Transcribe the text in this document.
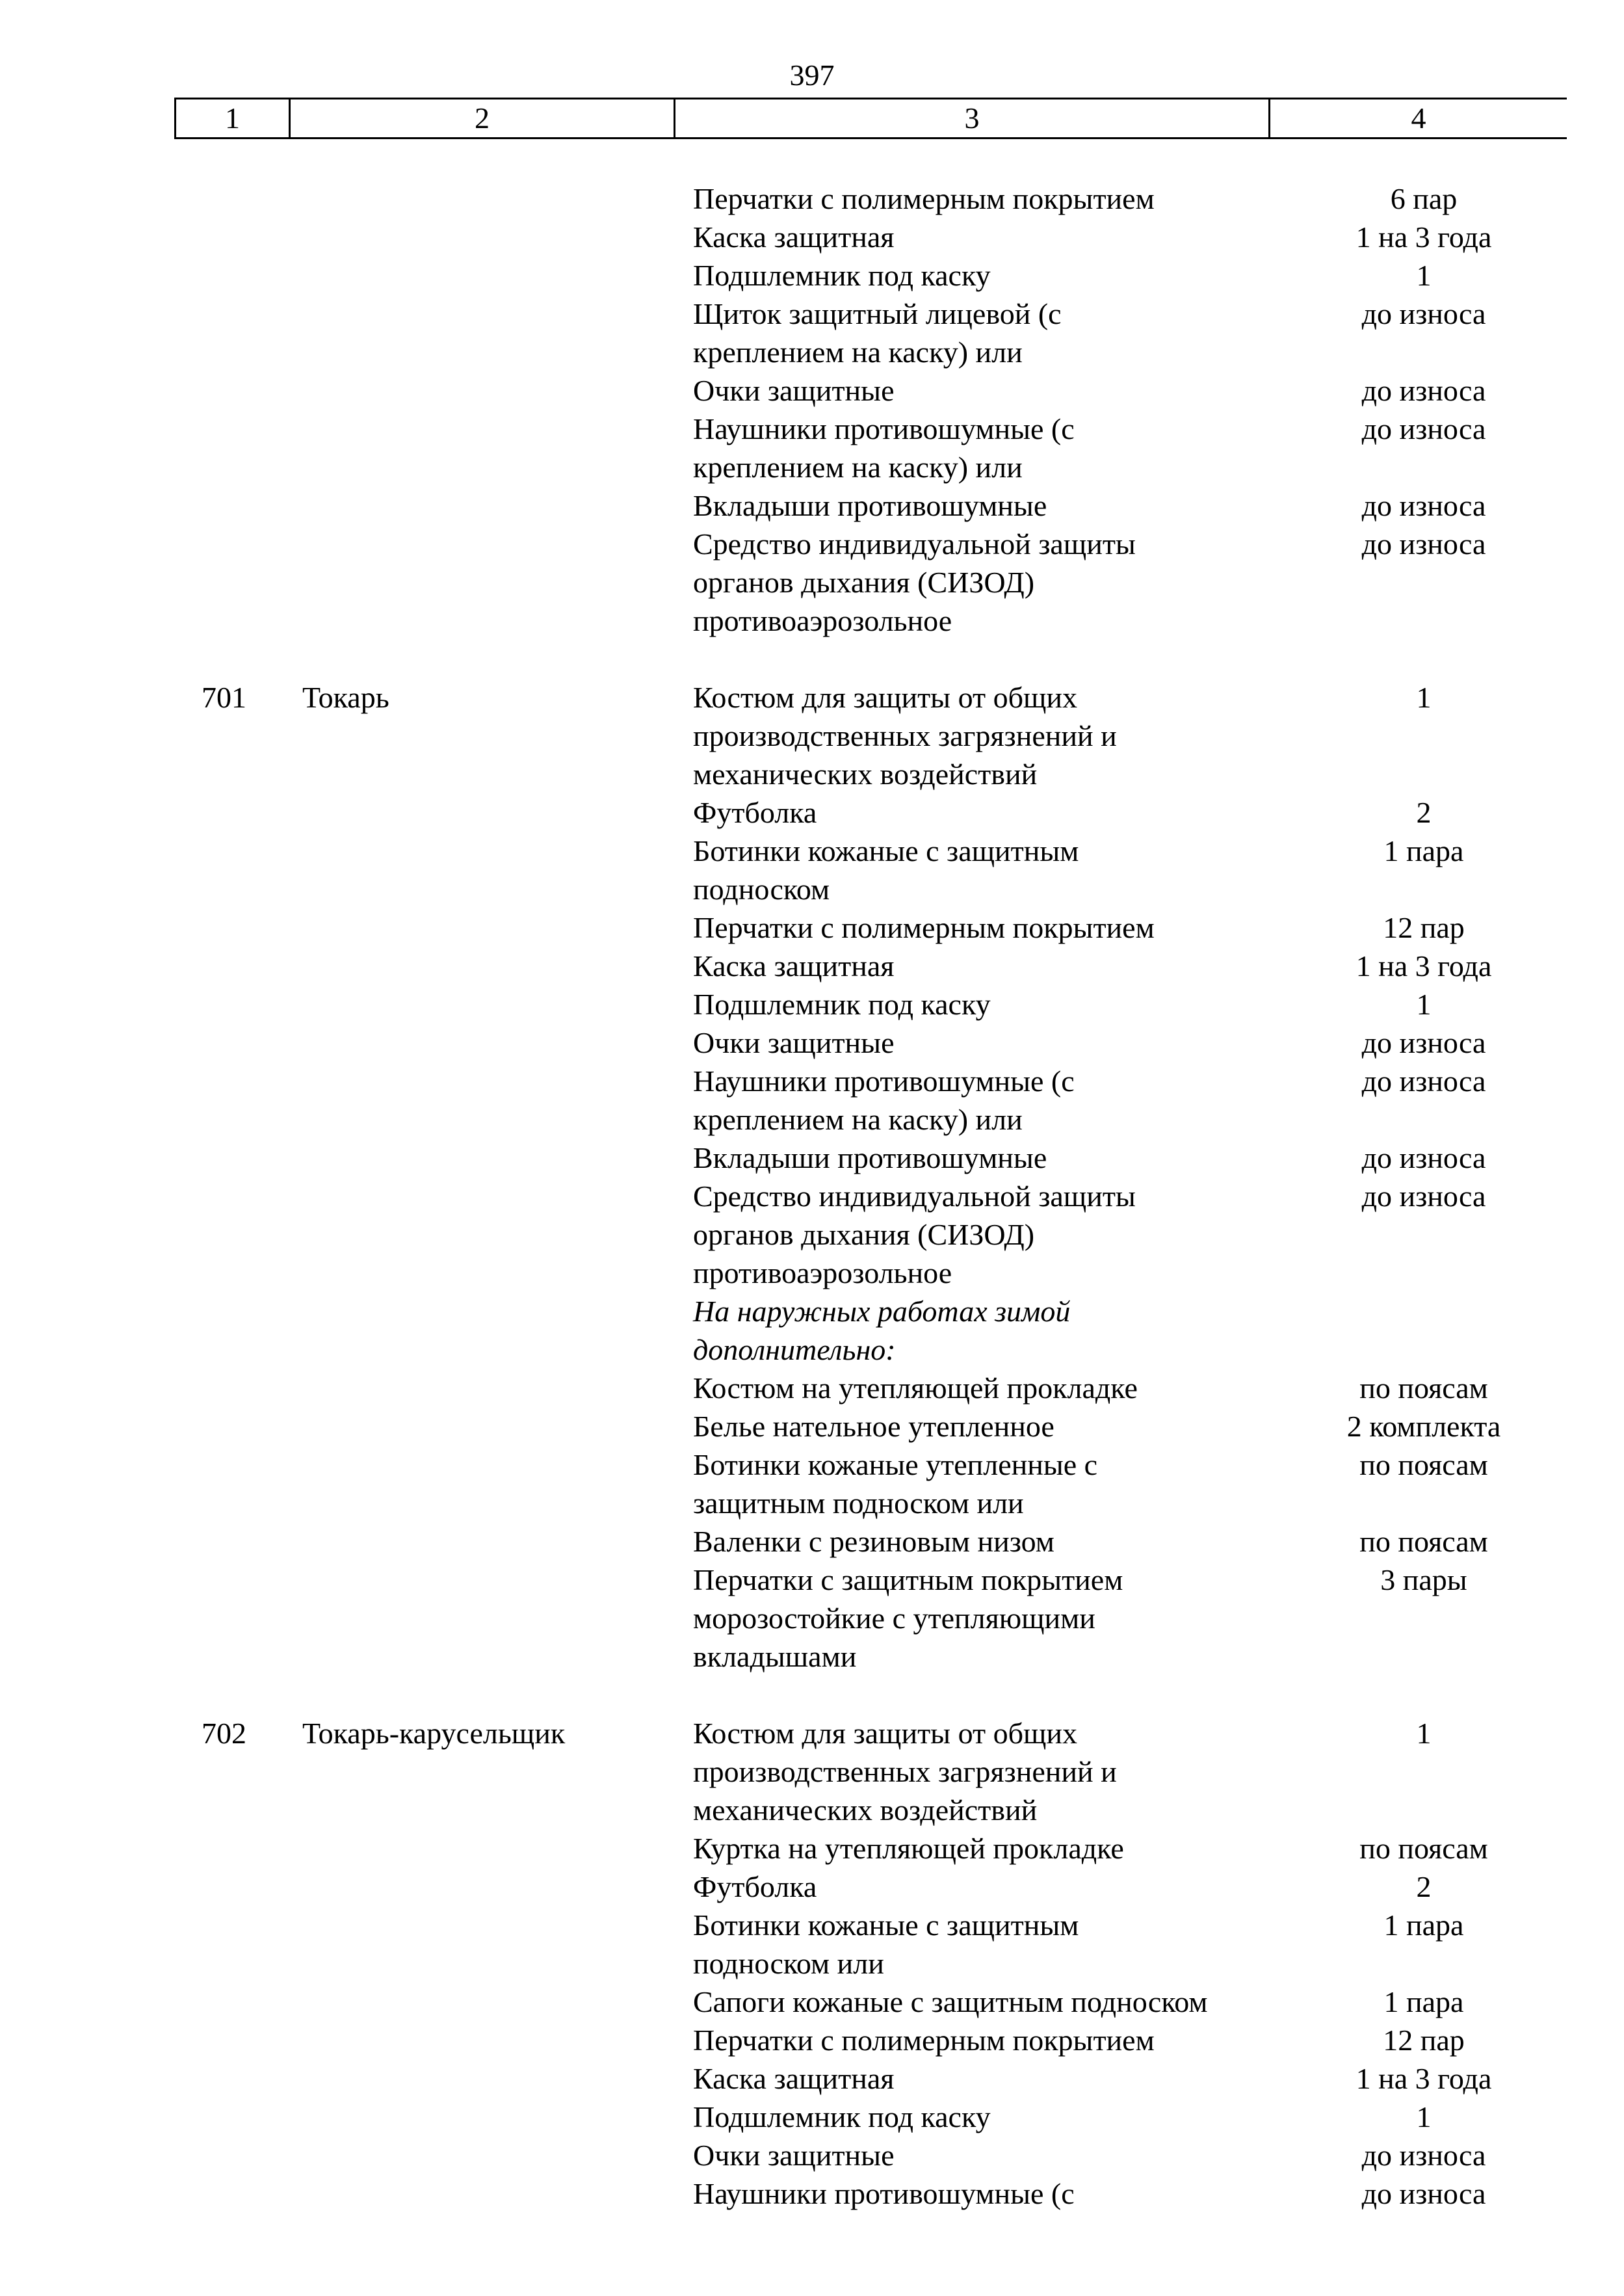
397
1	2	3	4
Перчатки с полимерным покрытием	6 пар
Каска защитная	1 на 3 года
Подшлемник под каску	1
Щиток защитный лицевой (с	до износа
креплением на каску) или
Очки защитные	до износа
Наушники противошумные (с	до износа
креплением на каску) или
Вкладыши противошумные	до износа
Средство индивидуальной защиты	до износа
органов дыхания (СИЗОД)
противоаэрозольное
701 Токарь	Костюм для защиты от общих	1
производственных загрязнений и
механических воздействий
Футболка	2
Ботинки кожаные с защитным	1 пара
подноском
Перчатки с полимерным покрытием	12 пар
Каска защитная	1 на 3 года
Подшлемник под каску	1
Очки защитные	до износа
Наушники противошумные (с	до износа
креплением на каску) или
Вкладыши противошумные	до износа
Средство индивидуальной защиты	до износа
органов дыхания (СИЗОД)
противоаэрозольное
На наружных работах зимой
дополнительно:
Костюм на утепляющей прокладке	по поясам
Белье нательное утепленное	2 комплекта
Ботинки кожаные утепленные с	по поясам
защитным подноском или
Валенки с резиновым низом	по поясам
Перчатки с защитным покрытием	3 пары
морозостойкие с утепляющими
вкладышами
702 Токарь-карусельщик	Костюм для защиты от общих	1
производственных загрязнений и
механических воздействий
Куртка на утепляющей прокладке	по поясам
Футболка	2
Ботинки кожаные с защитным	1 пара
подноском или
Сапоги кожаные с защитным подноском	1 пара
Перчатки с полимерным покрытием	12 пар
Каска защитная	1 на 3 года
Подшлемник под каску	1
Очки защитные	до износа
Наушники противошумные (с	до износа
